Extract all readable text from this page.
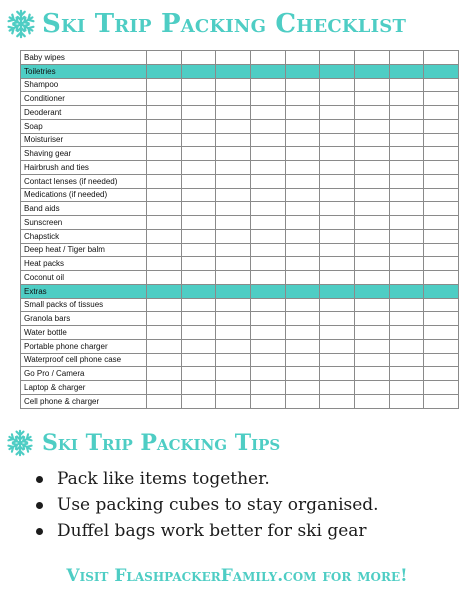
Ski Trip Packing Checklist
Baby wipes									
Toiletries									
Shampoo									
Conditioner									
Deoderant									
Soap									
Moisturiser									
Shaving gear									
Hairbrush and ties									
Contact lenses (if needed)									
Medications (if needed)									
Band aids									
Sunscreen									
Chapstick									
Deep heat / Tiger balm									
Heat packs									
Coconut oil									
Extras									
Small packs of tissues									
Granola bars									
Water bottle									
Portable phone charger									
Waterproof cell phone case									
Go Pro / Camera									
Laptop & charger									
Cell phone & charger									
Ski Trip Packing Tips
Pack like items together.
Use packing cubes to stay organised.
Duffel bags work better for ski gear
Visit FlashpackerFamily.com for more!
